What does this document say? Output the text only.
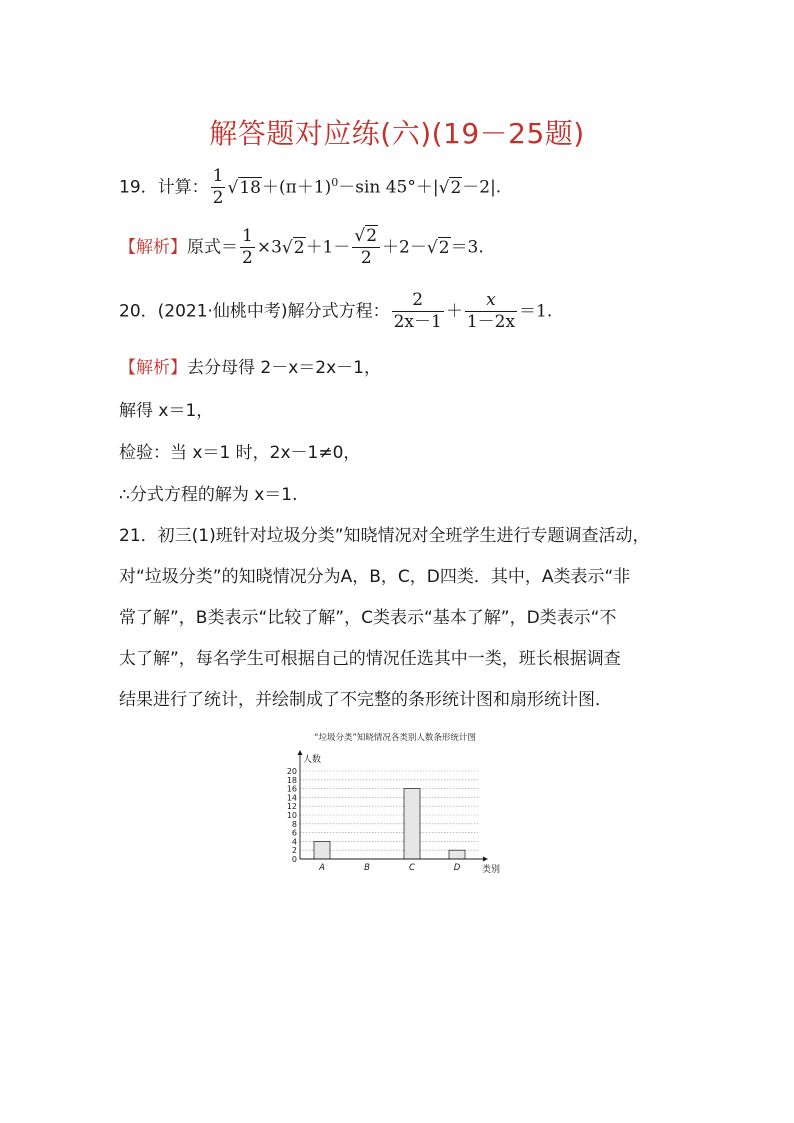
解答题对应练(六)(19－25题)
19．计算： $\frac{1}{2} √18+(\pi+1)^0-\sin$ 45°＋|√2－2|.
【解析】原式＝ $\frac{1}{2} \times 3√2+1- \frac{√2}{2} +2-√2=3$.
20．(2021·仙桃中考)解分式方程： $\frac{2}{2x-1} + \frac{x}{1-2x} =1$.
【解析】去分母得 2－x＝2x－1，
解得 x＝1，
检验：当 x＝1 时，2x－1≠0，
∴分式方程的解为 x＝1.
21．初三(1)班针对垃圾分类”知晓情况对全班学生进行专题调查活动，
对“垃圾分类”的知晓情况分为A，B，C，D四类．其中，A类表示“非
常了解”，B类表示“比较了解”，C类表示“基本了解”，D类表示“不
太了解”，每名学生可根据自己的情况任选其中一类，班长根据调查
结果进行了统计，并绘制成了不完整的条形统计图和扇形统计图．
“垃圾分类”知晓情况各类别人数条形统计图
人数
类别
0
2
4
6
8
10
12
14
16
18
20
A	B	C	D
